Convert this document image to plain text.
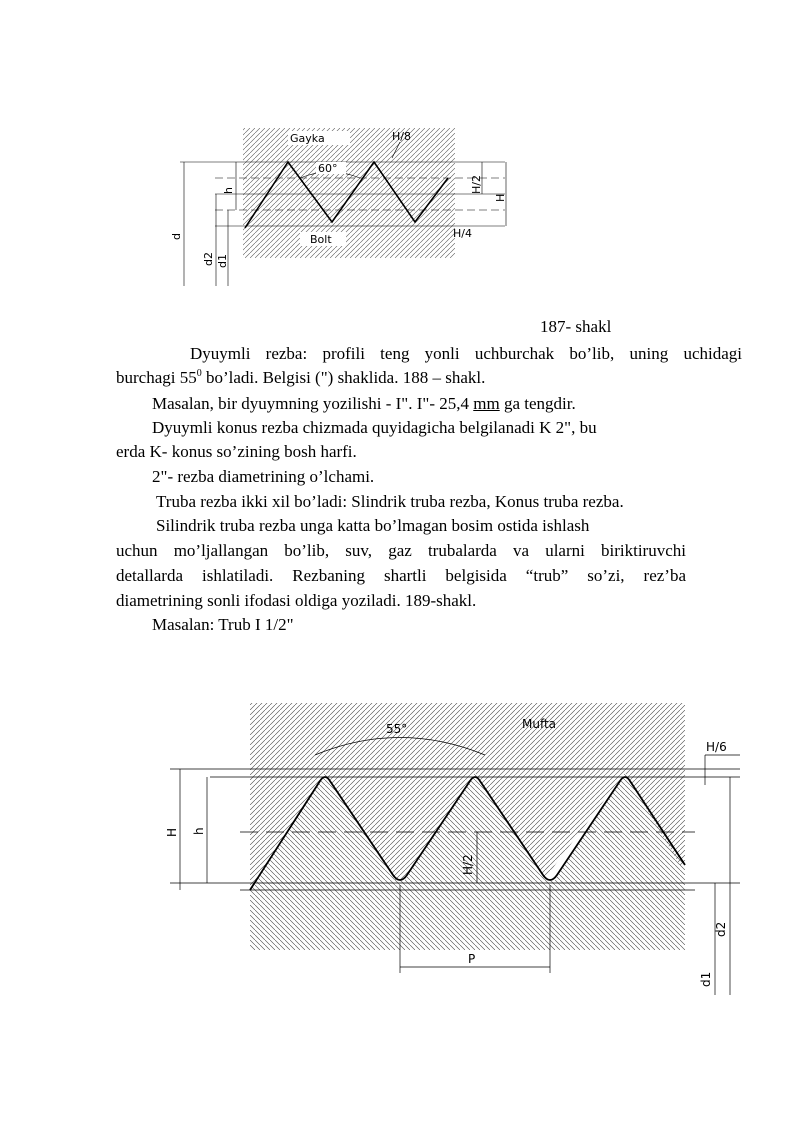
Gayka
Bolt
60°
H/8
H/4
H/2
H
h
d
d2 d1
187- shakl
Dyuymli rezba: profili teng yonli uchburchak bo’lib, uning uchidagi
burchagi $55^0$ bo’ladi. Belgisi (") shaklida. 188 – shakl.
Masalan, bir dyuymning yozilishi - I". I"- 25,4 mm ga tengdir.
Dyuymli konus rezba chizmada quyidagicha belgilanadi K 2", bu
erda K- konus so’zining bosh harfi.
2"- rezba diametrining o’lchami.
Truba rezba ikki xil bo’ladi: Slindrik truba rezba, Konus truba rezba.
Silindrik truba rezba unga katta bo’lmagan bosim ostida ishlash
uchun mo’ljallangan bo’lib, suv, gaz trubalarda va ularni biriktiruvchi
detallarda ishlatiladi. Rezbaning shartli belgisida “trub” so’zi, rez’ba
diametrining sonli ifodasi oldiga yoziladi. 189-shakl.
Masalan: Trub I 1/2"
55°	Mufta
H/6
H h
H/2
P
d2
d1
